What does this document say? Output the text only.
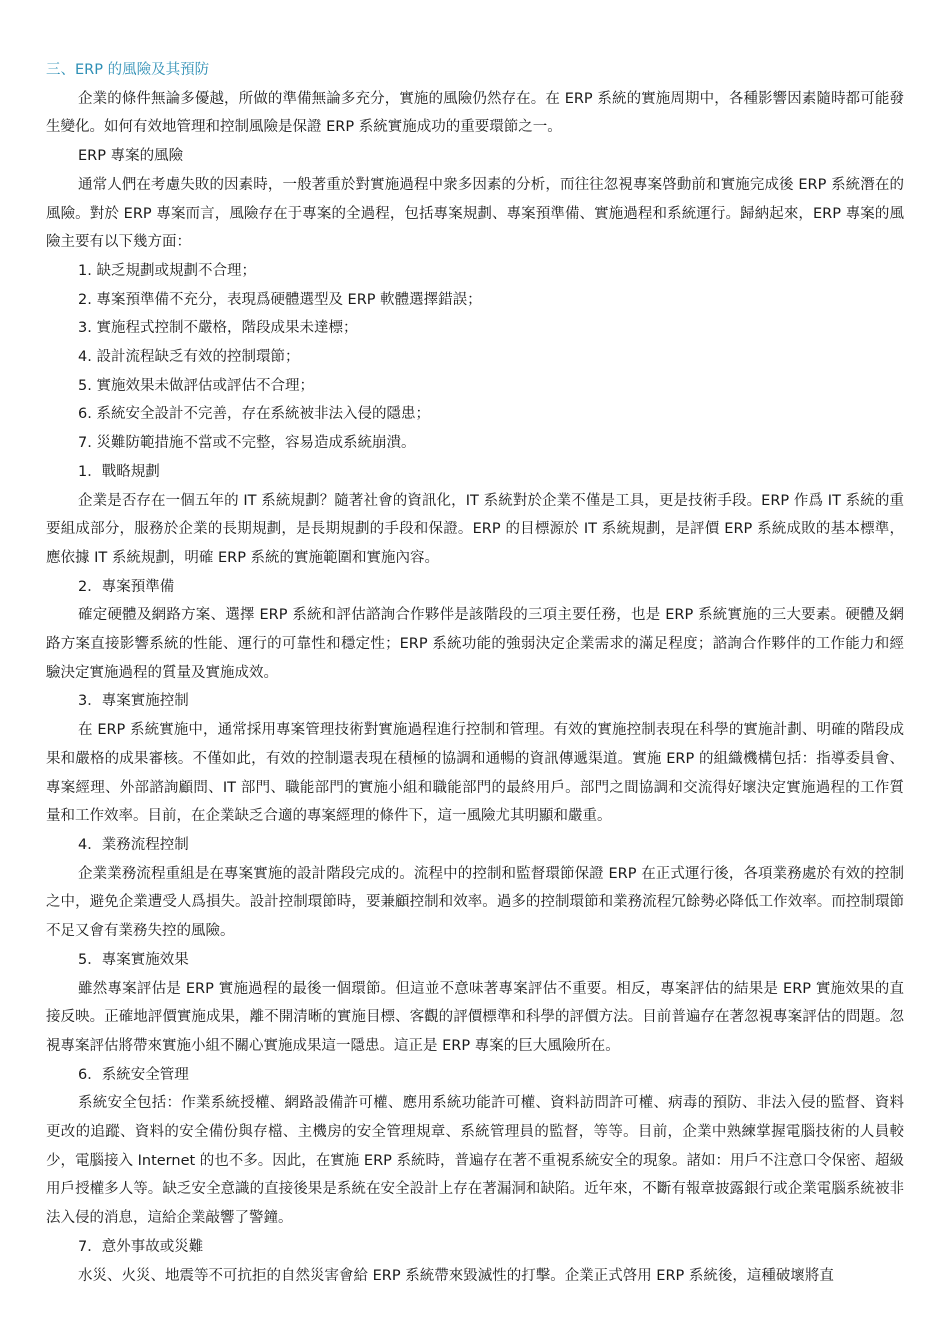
三、ERP 的風險及其預防

企業的條件無論多優越，所做的準備無論多充分，實施的風險仍然存在。在 ERP 系統的實施周期中，各種影響因素隨時都可能發生變化。如何有效地管理和控制風險是保證 ERP 系統實施成功的重要環節之一。

ERP 專案的風險

通常人們在考慮失敗的因素時，一般著重於對實施過程中衆多因素的分析，而往往忽視專案啓動前和實施完成後 ERP 系統潛在的風險。對於 ERP 專案而言，風險存在于專案的全過程，包括專案規劃、專案預準備、實施過程和系統運行。歸納起來，ERP 專案的風險主要有以下幾方面：

1. 缺乏規劃或規劃不合理；

2. 專案預準備不充分，表現爲硬體選型及 ERP 軟體選擇錯誤；

3. 實施程式控制不嚴格，階段成果未達標；

4. 設計流程缺乏有效的控制環節；

5. 實施效果未做評估或評估不合理；

6. 系統安全設計不完善，存在系統被非法入侵的隱患；

7. 災難防範措施不當或不完整，容易造成系統崩潰。

1．戰略規劃

企業是否存在一個五年的 IT 系統規劃？隨著社會的資訊化，IT 系統對於企業不僅是工具，更是技術手段。ERP 作爲 IT 系統的重要組成部分，服務於企業的長期規劃，是長期規劃的手段和保證。ERP 的目標源於 IT 系統規劃，是評價 ERP 系統成敗的基本標準，應依據 IT 系統規劃，明確 ERP 系統的實施範圍和實施內容。

2．專案預準備

確定硬體及網路方案、選擇 ERP 系統和評估諮詢合作夥伴是該階段的三項主要任務，也是 ERP 系統實施的三大要素。硬體及網路方案直接影響系統的性能、運行的可靠性和穩定性；ERP 系統功能的強弱決定企業需求的滿足程度；諮詢合作夥伴的工作能力和經驗決定實施過程的質量及實施成效。

3．專案實施控制

在 ERP 系統實施中，通常採用專案管理技術對實施過程進行控制和管理。有效的實施控制表現在科學的實施計劃、明確的階段成果和嚴格的成果審核。不僅如此，有效的控制還表現在積極的協調和通暢的資訊傳遞渠道。實施 ERP 的組織機構包括：指導委員會、專案經理、外部諮詢顧問、IT 部門、職能部門的實施小組和職能部門的最終用戶。部門之間協調和交流得好壞決定實施過程的工作質量和工作效率。目前，在企業缺乏合適的專案經理的條件下，這一風險尤其明顯和嚴重。

4．業務流程控制

企業業務流程重組是在專案實施的設計階段完成的。流程中的控制和監督環節保證 ERP 在正式運行後，各項業務處於有效的控制之中，避免企業遭受人爲損失。設計控制環節時，要兼顧控制和效率。過多的控制環節和業務流程冗餘勢必降低工作效率。而控制環節不足又會有業務失控的風險。

5．專案實施效果

雖然專案評估是 ERP 實施過程的最後一個環節。但這並不意味著專案評估不重要。相反，專案評估的結果是 ERP 實施效果的直接反映。正確地評價實施成果，離不開清晰的實施目標、客觀的評價標準和科學的評價方法。目前普遍存在著忽視專案評估的問題。忽視專案評估將帶來實施小組不關心實施成果這一隱患。這正是 ERP 專案的巨大風險所在。

6．系統安全管理

系統安全包括：作業系統授權、網路設備許可權、應用系統功能許可權、資料訪問許可權、病毒的預防、非法入侵的監督、資料更改的追蹤、資料的安全備份與存檔、主機房的安全管理規章、系統管理員的監督，等等。目前，企業中熟練掌握電腦技術的人員較少，電腦接入 Internet 的也不多。因此，在實施 ERP 系統時，普遍存在著不重視系統安全的現象。諸如：用戶不注意口令保密、超級用戶授權多人等。缺乏安全意識的直接後果是系統在安全設計上存在著漏洞和缺陷。近年來，不斷有報章披露銀行或企業電腦系統被非法入侵的消息，這給企業敲響了警鐘。

7．意外事故或災難

水災、火災、地震等不可抗拒的自然災害會給 ERP 系統帶來毀滅性的打擊。企業正式啓用 ERP 系統後，這種破壞將直
